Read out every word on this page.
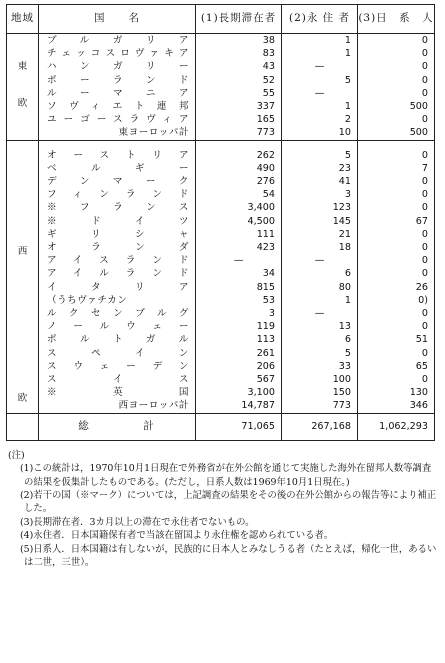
地域	国　　名	(1)長期滞在者	(2)永 住 者	(3)日　系　人

東
欧	ブルガリア	38	1	0
	チェッコスロヴァキア	83	1	0
	ハンガリー	43	—	0
	ポーランド	52	5	0
	ルーマニア	55	—	0
	ソヴィエト連邦	337	1	500
	ユーゴースラヴィア	165	2	0
	東ヨーロッパ計	773	10	500

西
欧	オーストリア	262	5	0
	ベルギー	490	23	7
	デンマーク	276	41	0
	フィンランド	54	3	0
	※フランス	3,400	123	0
	※ドイツ	4,500	145	67
	ギリシャ	111	21	0
	オランダ	423	18	0
	アイスランド	—	—	0
	アイルランド	34	6	0
	イタリア	815	80	26
	（うちヴァチカン	53	1	0)
	ルクセンブルグ	3	—	0
	ノールウェー	119	13	0
	ポルトガル	113	6	51
	スペイン	261	5	0
	スウェーデン	206	33	65
	スイス	567	100	0
	※英国	3,100	150	130
	西ヨーロッパ計	14,787	773	346
	総　計	71,065	267,168	1,062,293
(注)

(1)この統計は，1970年10月1日現在で外務省が在外公館を通じて実施した海外在留邦人数等調査の結果を仮集計したものである。(ただし，日系人数は1969年10月1日現在。)

(2)若干の国（※マーク）については，上記調査の結果をその後の在外公館からの報告等により補正した。

(3)長期滞在者．3カ月以上の滞在で永住者でないもの。

(4)永住者．日本国籍保有者で当該在留国より永住権を認められている者。

(5)日系人．日本国籍は有しないが，民族的に日本人とみなしうる者（たとえば，帰化一世，あるいは二世，三世）。
